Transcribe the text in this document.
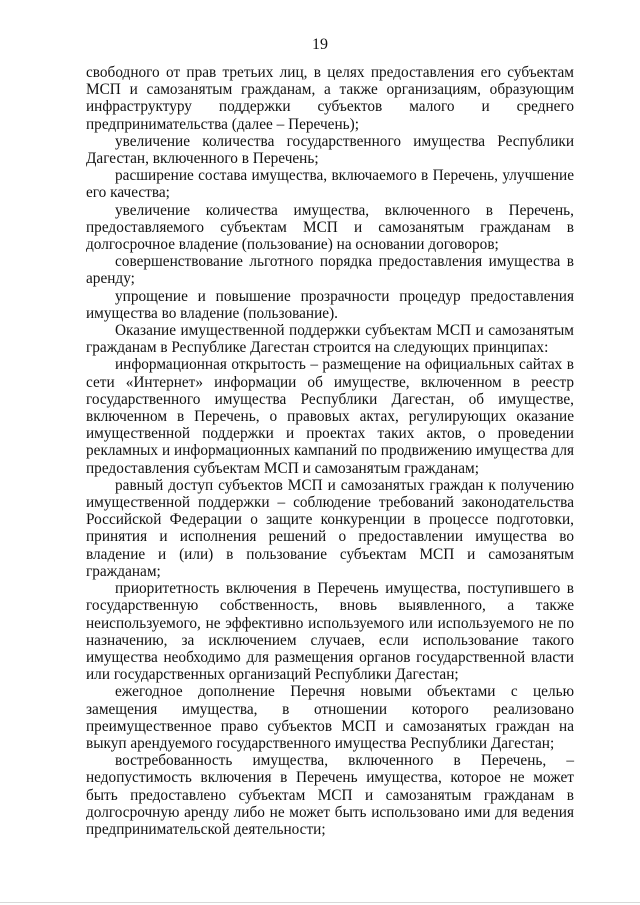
19

свободного от прав третьих лиц, в целях предоставления его субъектам МСП и самозанятым гражданам, а также организациям, образующим инфраструктуру поддержки субъектов малого и среднего предпринимательства (далее – Перечень);

увеличение количества государственного имущества Республики Дагестан, включенного в Перечень;

расширение состава имущества, включаемого в Перечень, улучшение его качества;

увеличение количества имущества, включенного в Перечень, предоставляемого субъектам МСП и самозанятым гражданам в долгосрочное владение (пользование) на основании договоров;

совершенствование льготного порядка предоставления имущества в аренду;

упрощение и повышение прозрачности процедур предоставления имущества во владение (пользование).

Оказание имущественной поддержки субъектам МСП и самозанятым гражданам в Республике Дагестан строится на следующих принципах:

информационная открытость – размещение на официальных сайтах в сети «Интернет» информации об имуществе, включенном в реестр государственного имущества Республики Дагестан, об имуществе, включенном в Перечень, о правовых актах, регулирующих оказание имущественной поддержки и проектах таких актов, о проведении рекламных и информационных кампаний по продвижению имущества для предоставления субъектам МСП и самозанятым гражданам;

равный доступ субъектов МСП и самозанятых граждан к получению имущественной поддержки – соблюдение требований законодательства Российской Федерации о защите конкуренции в процессе подготовки, принятия и исполнения решений о предоставлении имущества во владение и (или) в пользование субъектам МСП и самозанятым гражданам;

приоритетность включения в Перечень имущества, поступившего в государственную собственность, вновь выявленного, а также неиспользуемого, не эффективно используемого или используемого не по назначению, за исключением случаев, если использование такого имущества необходимо для размещения органов государственной власти или государственных организаций Республики Дагестан;

ежегодное дополнение Перечня новыми объектами с целью замещения имущества, в отношении которого реализовано преимущественное право субъектов МСП и самозанятых граждан на выкуп арендуемого государственного имущества Республики Дагестан;

востребованность имущества, включенного в Перечень, – недопустимость включения в Перечень имущества, которое не может быть предоставлено субъектам МСП и самозанятым гражданам в долгосрочную аренду либо не может быть использовано ими для ведения предпринимательской деятельности;
